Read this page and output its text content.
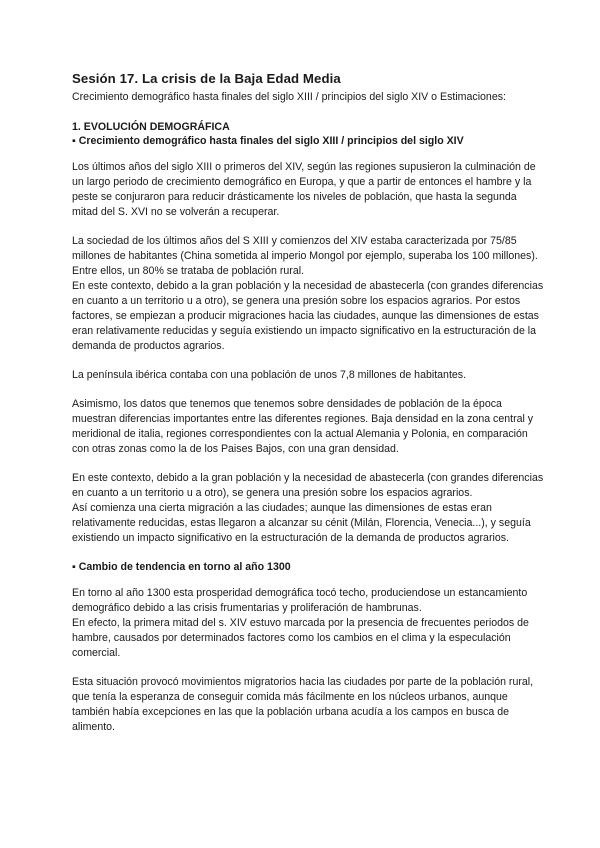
Sesión 17. La crisis de la Baja Edad Media
Crecimiento demográfico hasta finales del siglo XIII / principios del siglo XIV o Estimaciones:
1. EVOLUCIÓN DEMOGRÁFICA
▪ Crecimiento demográfico hasta finales del siglo XIII / principios del siglo XIV

Los últimos años del siglo XIII o primeros del XIV, según las regiones supusieron la culminación de un largo periodo de crecimiento demográfico en Europa, y que a partir de entonces el hambre y la peste se conjuraron para reducir drásticamente los niveles de población, que hasta la segunda mitad del S. XVI no se volverán a recuperar.

La sociedad de los últimos años del S XIII y comienzos del XIV estaba caracterizada por 75/85 millones de habitantes (China sometida al imperio Mongol por ejemplo, superaba los 100 millones). Entre ellos, un 80% se trataba de población rural.

En este contexto, debido a la gran población y la necesidad de abastecerla (con grandes diferencias en cuanto a un territorio u a otro), se genera una presión sobre los espacios agrarios. Por estos factores, se empiezan a producir migraciones hacia las ciudades, aunque las dimensiones de estas eran relativamente reducidas y seguía existiendo un impacto significativo en la estructuración de la demanda de productos agrarios.

La península ibérica contaba con una población de unos 7,8 millones de habitantes.

Asimismo, los datos que tenemos que tenemos sobre densidades de población de la época muestran diferencias importantes entre las diferentes regiones. Baja densidad en la zona central y meridional de italia, regiones correspondientes con la actual Alemania y Polonia, en comparación con otras zonas como la de los Paises Bajos, con una gran densidad.

En este contexto, debido a la gran población y la necesidad de abastecerla (con grandes diferencias en cuanto a un territorio u a otro), se genera una presión sobre los espacios agrarios.

Así comienza una cierta migración a las ciudades; aunque las dimensiones de estas eran relativamente reducidas, estas llegaron a alcanzar su cénit (Milán, Florencia, Venecia...), y seguía existiendo un impacto significativo en la estructuración de la demanda de productos agrarios.

▪ Cambio de tendencia en torno al año 1300

En torno al año 1300 esta prosperidad demográfica tocó techo, produciendose un estancamiento demográfico debido a las crisis frumentarias y proliferación de hambrunas.

En efecto, la primera mitad del s. XIV estuvo marcada por la presencia de frecuentes periodos de hambre, causados por determinados factores como los cambios en el clima y la especulación comercial.

Esta situación provocó movimientos migratorios hacia las ciudades por parte de la población rural, que tenía la esperanza de conseguir comida más fácilmente en los núcleos urbanos, aunque también había excepciones en las que la población urbana acudía a los campos en busca de alimento.
